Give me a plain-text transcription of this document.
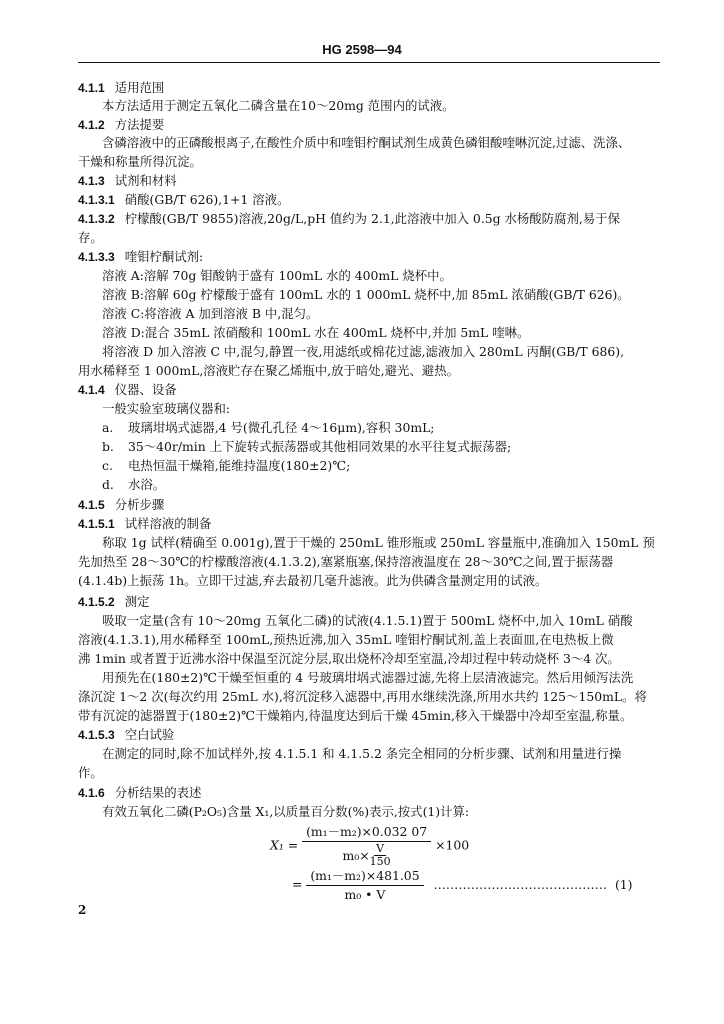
HG 2598—94
4.1.1 适用范围
本方法适用于测定五氧化二磷含量在10～20mg 范围内的试液。
4.1.2 方法提要
含磷溶液中的正磷酸根离子,在酸性介质中和喹钼柠酮试剂生成黄色磷钼酸喹啉沉淀,过滤、洗涤、
干燥和称量所得沉淀。
4.1.3 试剂和材料
4.1.3.1 硝酸(GB/T 626),1+1 溶液。
4.1.3.2 柠檬酸(GB/T 9855)溶液,20g/L,pH 值约为 2.1,此溶液中加入 0.5g 水杨酸防腐剂,易于保
存。
4.1.3.3 喹钼柠酮试剂:
溶液 A:溶解 70g 钼酸钠于盛有 100mL 水的 400mL 烧杯中。
溶液 B:溶解 60g 柠檬酸于盛有 100mL 水的 1 000mL 烧杯中,加 85mL 浓硝酸(GB/T 626)。
溶液 C:将溶液 A 加到溶液 B 中,混匀。
溶液 D:混合 35mL 浓硝酸和 100mL 水在 400mL 烧杯中,并加 5mL 喹啉。
将溶液 D 加入溶液 C 中,混匀,静置一夜,用滤纸或棉花过滤,滤液加入 280mL 丙酮(GB/T 686),
用水稀释至 1 000mL,溶液贮存在聚乙烯瓶中,放于暗处,避光、避热。
4.1.4 仪器、设备
一般实验室玻璃仪器和:
a. 玻璃坩埚式滤器,4 号(微孔孔径 4～16μm),容积 30mL;
b. 35～40r/min 上下旋转式振荡器或其他相同效果的水平往复式振荡器;
c. 电热恒温干燥箱,能维持温度(180±2)℃;
d. 水浴。
4.1.5 分析步骤
4.1.5.1 试样溶液的制备
称取 1g 试样(精确至 0.001g),置于干燥的 250mL 锥形瓶或 250mL 容量瓶中,准确加入 150mL 预
先加热至 28～30℃的柠檬酸溶液(4.1.3.2),塞紧瓶塞,保持溶液温度在 28～30℃之间,置于振荡器
(4.1.4b)上振荡 1h。立即干过滤,弃去最初几毫升滤液。此为供磷含量测定用的试液。
4.1.5.2 测定
吸取一定量(含有 10～20mg 五氧化二磷)的试液(4.1.5.1)置于 500mL 烧杯中,加入 10mL 硝酸
溶液(4.1.3.1),用水稀释至 100mL,预热近沸,加入 35mL 喹钼柠酮试剂,盖上表面皿,在电热板上微
沸 1min 或者置于近沸水浴中保温至沉淀分层,取出烧杯冷却至室温,冷却过程中转动烧杯 3～4 次。
用预先在(180±2)℃干燥至恒重的 4 号玻璃坩埚式滤器过滤,先将上层清液滤完。然后用倾泻法洗
涤沉淀 1～2 次(每次约用 25mL 水),将沉淀移入滤器中,再用水继续洗涤,所用水共约 125～150mL。将
带有沉淀的滤器置于(180±2)℃干燥箱内,待温度达到后干燥 45min,移入干燥器中冷却至室温,称量。
4.1.5.3 空白试验
在测定的同时,除不加试样外,按 4.1.5.1 和 4.1.5.2 条完全相同的分析步骤、试剂和用量进行操
作。
4.1.6 分析结果的表述
有效五氧化二磷(P₂O₅)含量 X₁,以质量百分数(%)表示,按式(1)计算:
$X_1 = \frac{\text{(m₁－m₂)×0.032 07}}{m_0\times \frac{V}{150}} \times 100$
= $\frac{\text{(m₁－m₂)×481.05}}{\text{m₀ • V}}$ …………………………………… (1)
2
